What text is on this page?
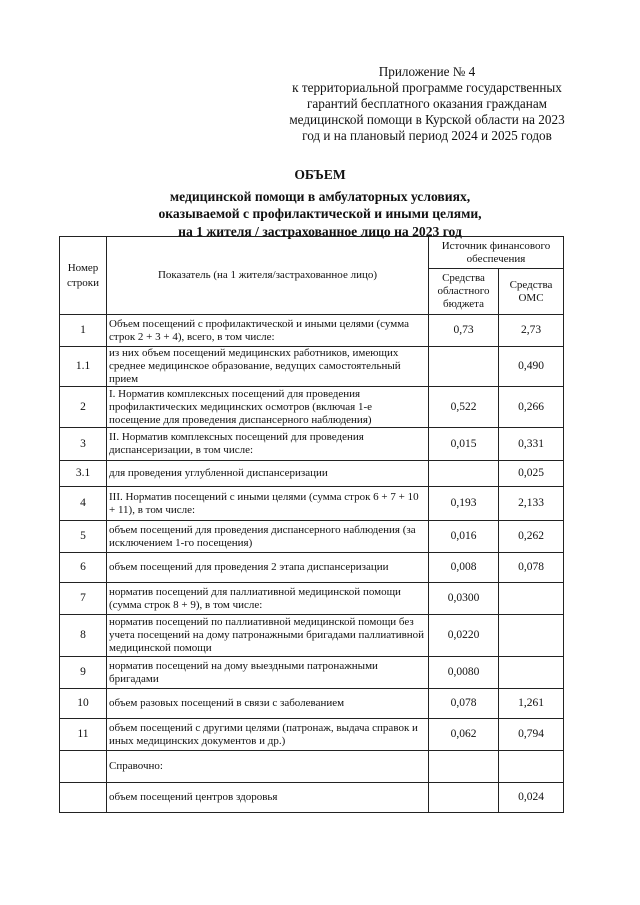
Приложение № 4
к территориальной программе государственных
гарантий бесплатного оказания гражданам
медицинской помощи в Курской области на 2023
год и на плановый период 2024 и 2025 годов
ОБЪЕМ
медицинской помощи в амбулаторных условиях,
оказываемой с профилактической и иными целями,
на 1 жителя / застрахованное лицо на 2023 год
Номер строки	Показатель (на 1 жителя/застрахованное лицо)	Источник финансового обеспечения	
		Средства областного бюджета	Средства ОМС
1	Объем посещений с профилактической и иными целями (сумма строк 2 + 3 + 4), всего, в том числе:	0,73	2,73
1.1	из них объем посещений медицинских работников, имеющих среднее медицинское образование, ведущих самостоятельный прием		0,490
2	I. Норматив комплексных посещений для проведения профилактических медицинских осмотров (включая 1-е посещение для проведения диспансерного наблюдения)	0,522	0,266
3	II. Норматив комплексных посещений для проведения диспансеризации, в том числе:	0,015	0,331
3.1	для проведения углубленной диспансеризации		0,025
4	III. Норматив посещений с иными целями (сумма строк 6 + 7 + 10 + 11), в том числе:	0,193	2,133
5	объем посещений для проведения диспансерного наблюдения (за исключением 1-го посещения)	0,016	0,262
6	объем посещений для проведения 2 этапа диспансеризации	0,008	0,078
7	норматив посещений для паллиативной медицинской помощи (сумма строк 8 + 9), в том числе:	0,0300	
8	норматив посещений по паллиативной медицинской помощи без учета посещений на дому патронажными бригадами паллиативной медицинской помощи	0,0220	
9	норматив посещений на дому выездными патронажными бригадами	0,0080	
10	объем разовых посещений в связи с заболеванием	0,078	1,261
11	объем посещений с другими целями (патронаж, выдача справок и иных медицинских документов и др.)	0,062	0,794
	Справочно:		
	объем посещений центров здоровья		0,024
